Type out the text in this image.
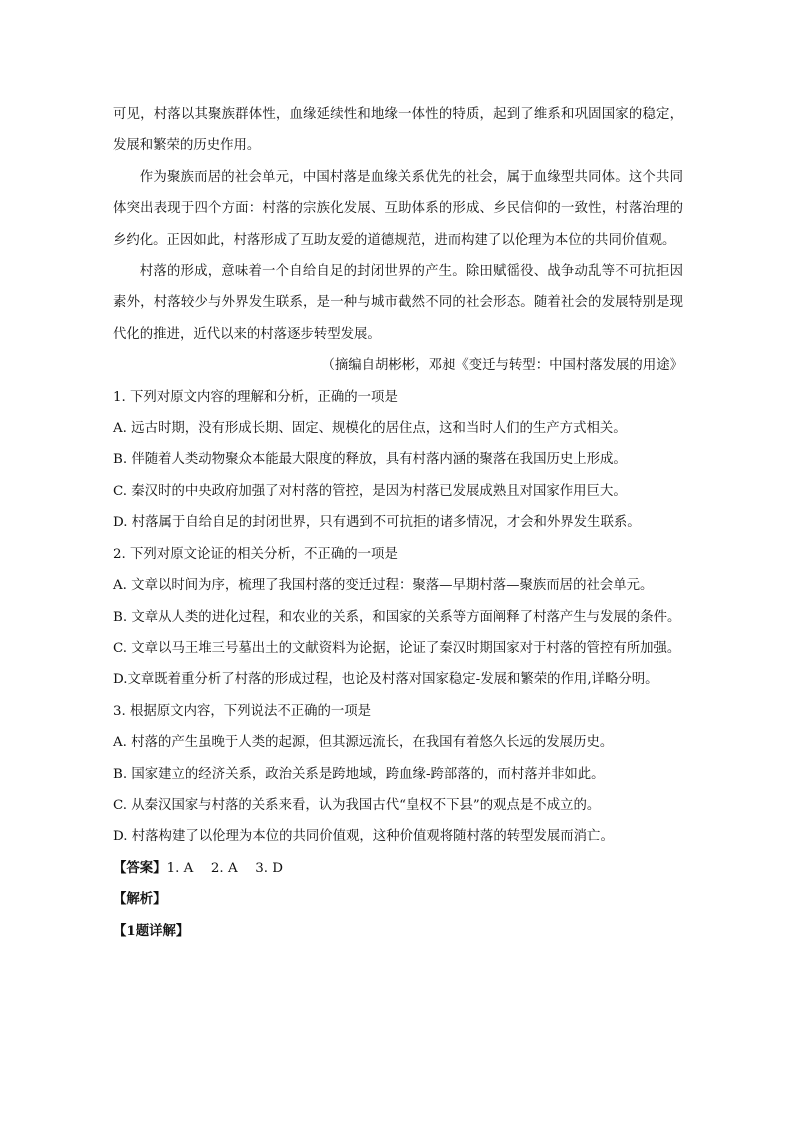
可见，村落以其聚族群体性，血缘延续性和地缘一体性的特质，起到了维系和巩固国家的稳定，发展和繁荣的历史作用。

作为聚族而居的社会单元，中国村落是血缘关系优先的社会，属于血缘型共同体。这个共同体突出表现于四个方面：村落的宗族化发展、互助体系的形成、乡民信仰的一致性，村落治理的乡约化。正因如此，村落形成了互助友爱的道德规范，进而构建了以伦理为本位的共同价值观。

村落的形成，意味着一个自给自足的封闭世界的产生。除田赋徭役、战争动乱等不可抗拒因素外，村落较少与外界发生联系，是一种与城市截然不同的社会形态。随着社会的发展特别是现代化的推进，近代以来的村落逐步转型发展。

（摘编自胡彬彬，邓昶《变迁与转型：中国村落发展的用途》

1. 下列对原文内容的理解和分析，正确的一项是

A. 远古时期，没有形成长期、固定、规模化的居住点，这和当时人们的生产方式相关。

B. 伴随着人类动物聚众本能最大限度的释放，具有村落内涵的聚落在我国历史上形成。

C. 秦汉时的中央政府加强了对村落的管控，是因为村落已发展成熟且对国家作用巨大。

D. 村落属于自给自足的封闭世界，只有遇到不可抗拒的诸多情况，才会和外界发生联系。

2. 下列对原文论证的相关分析，不正确的一项是

A. 文章以时间为序，梳理了我国村落的变迁过程：聚落—早期村落—聚族而居的社会单元。

B. 文章从人类的进化过程，和农业的关系，和国家的关系等方面阐释了村落产生与发展的条件。

C. 文章以马王堆三号墓出土的文献资料为论据，论证了秦汉时期国家对于村落的管控有所加强。

D.文章既着重分析了村落的形成过程，也论及村落对国家稳定-发展和繁荣的作用,详略分明。

3. 根据原文内容，下列说法不正确的一项是

A. 村落的产生虽晚于人类的起源，但其源远流长，在我国有着悠久长远的发展历史。

B. 国家建立的经济关系，政治关系是跨地域，跨血缘-跨部落的，而村落并非如此。

C. 从秦汉国家与村落的关系来看，认为我国古代“皇权不下县”的观点是不成立的。

D. 村落构建了以伦理为本位的共同价值观，这种价值观将随村落的转型发展而消亡。

【答案】1. A　 2. A　 3. D

【解析】

【1题详解】
